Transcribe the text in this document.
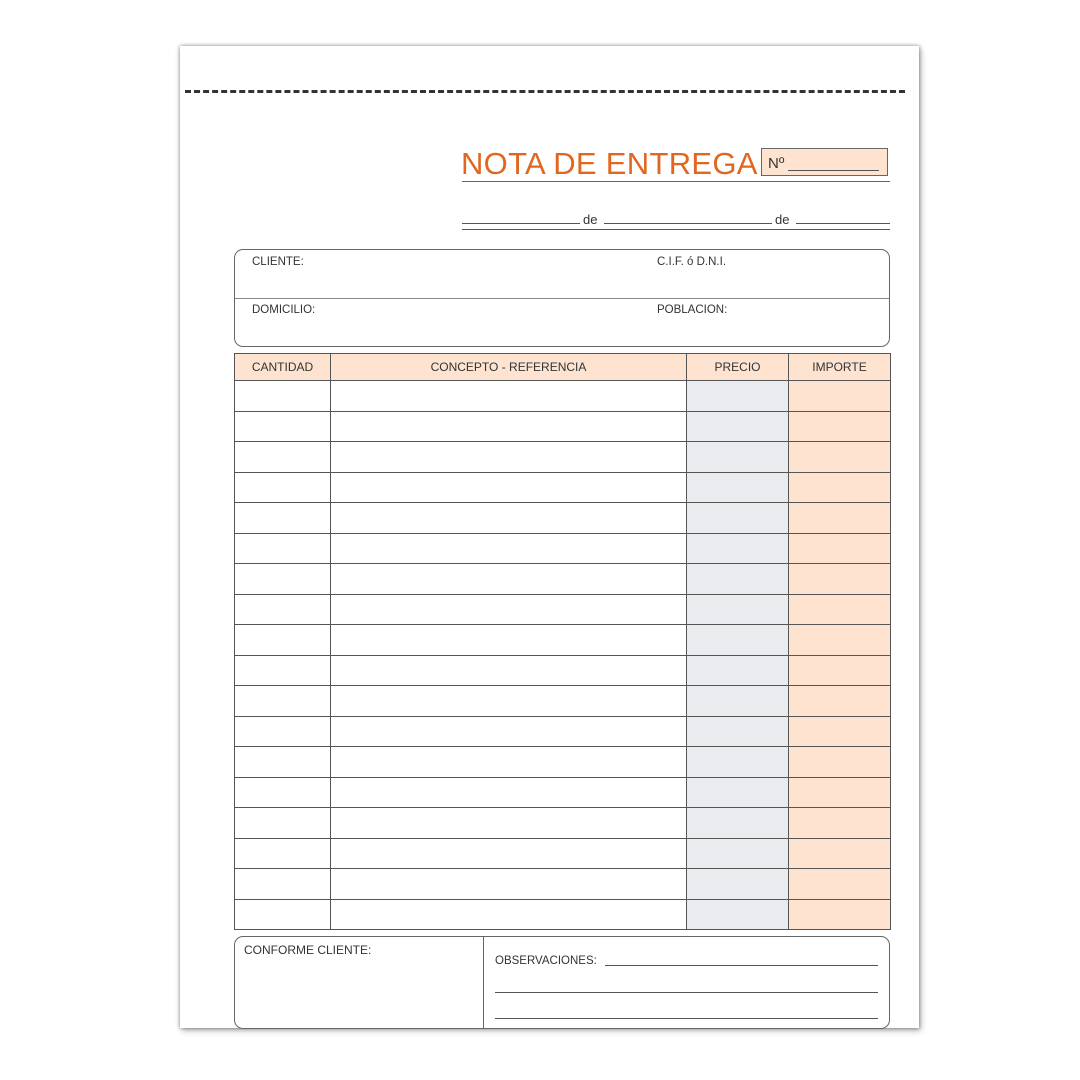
NOTA DE ENTREGA Nº
de	de
CLIENTE:	C.I.F. ó D.N.I.
DOMICILIO:	POBLACION:
CANTIDAD	CONCEPTO - REFERENCIA	PRECIO	IMPORTE

CONFORME CLIENTE:
OBSERVACIONES:
